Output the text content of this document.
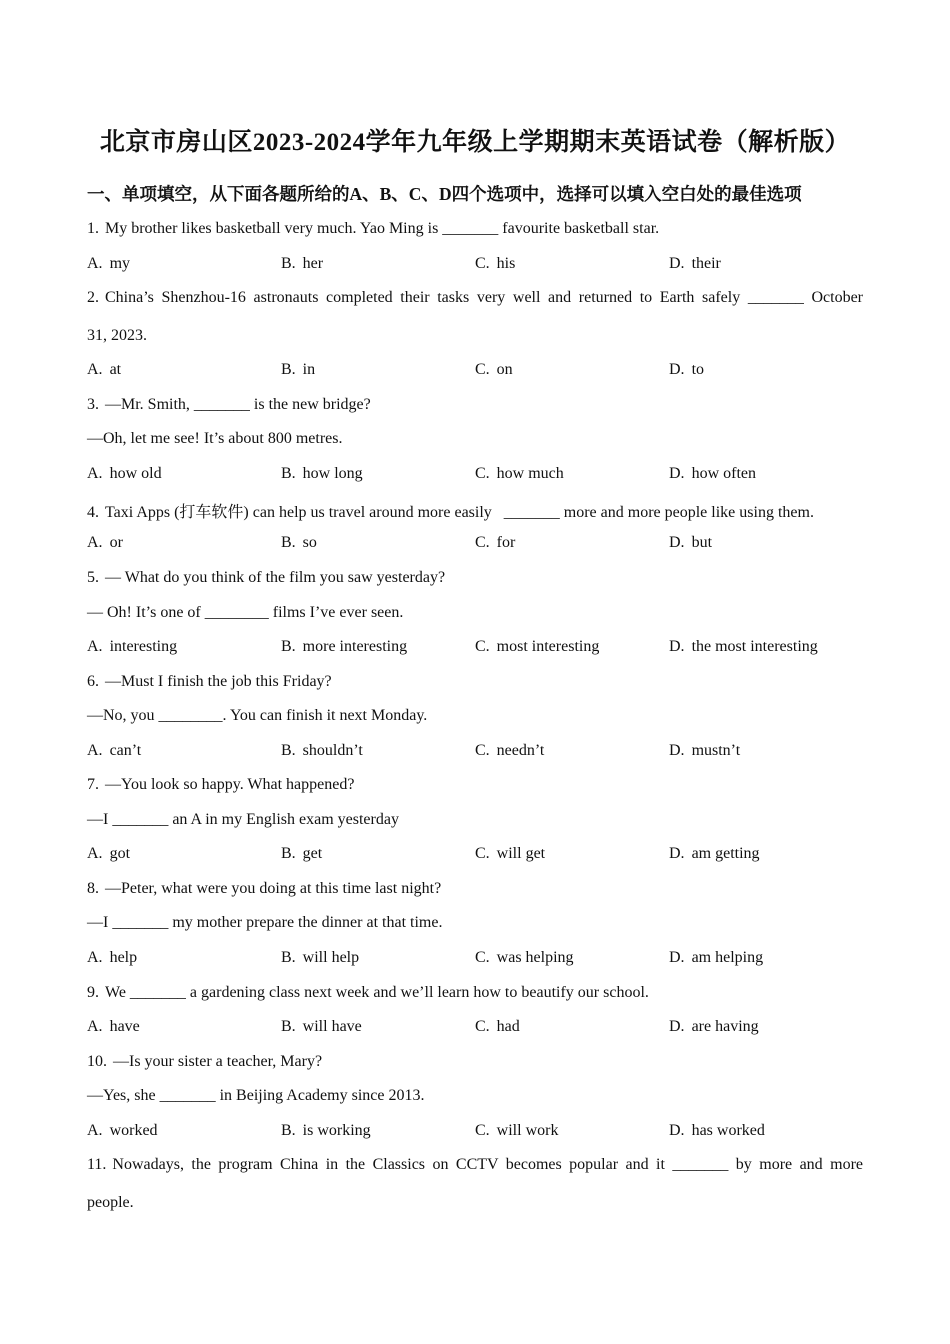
北京市房山区2023-2024学年九年级上学期期末英语试卷（解析版）
一、单项填空，从下面各题所给的A、B、C、D四个选项中，选择可以填入空白处的最佳选项
1. My brother likes basketball very much. Yao Ming is _______ favourite basketball star.
A. my	B. her	C. his	D. their
2. China’s Shenzhou-16 astronauts completed their tasks very well and returned to Earth safely _______ October
31, 2023.
A. at	B. in	C. on	D. to
3. —Mr. Smith, _______ is the new bridge?
—Oh, let me see! It’s about 800 metres.
A. how old	B. how long	C. how much	D. how often
4. Taxi Apps (打车软件) can help us travel around more easily   _______ more and more people like using them.
A. or	B. so	C. for	D. but
5. — What do you think of the film you saw yesterday?
— Oh! It’s one of ________ films I’ve ever seen.
A. interesting	B. more interesting	C. most interesting	D. the most interesting
6. —Must I finish the job this Friday?
—No, you ________. You can finish it next Monday.
A. can’t	B. shouldn’t	C. needn’t	D. mustn’t
7. —You look so happy. What happened?
—I _______ an A in my English exam yesterday
A. got	B. get	C. will get	D. am getting
8. —Peter, what were you doing at this time last night?
—I _______ my mother prepare the dinner at that time.
A. help	B. will help	C. was helping	D. am helping
9. We _______ a gardening class next week and we’ll learn how to beautify our school.
A. have	B. will have	C. had	D. are having
10. —Is your sister a teacher, Mary?
—Yes, she _______ in Beijing Academy since 2013.
A. worked	B. is working	C. will work	D. has worked
11. Nowadays, the program China in the Classics on CCTV becomes popular and it _______ by more and more
people.
